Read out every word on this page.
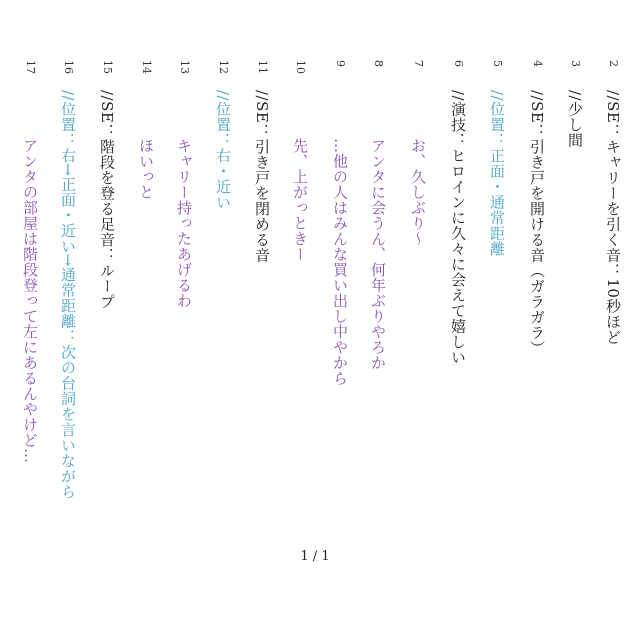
2
//SE：キャリーを引く音：10秒ほど
3
//少し間
4
//SE：引き戸を開ける音（ガラガラ）
5
//位置：正面・通常距離
6
//演技：ヒロインに久々に会えて嬉しい
7
お、久しぶり〜
8
アンタに会うん、何年ぶりやろか
9
…他の人はみんな買い出し中やから
10
先、上がっときー
11
//SE：引き戸を閉める音
12
//位置：右・近い
13
キャリー持ったあげるわ
14
ほいっと
15
//SE：階段を登る足音：ループ
16
//位置：右→正面・近い→通常距離：次の台詞を言いながら
17
アンタの部屋は階段登って左にあるんやけど…
1 / 1
